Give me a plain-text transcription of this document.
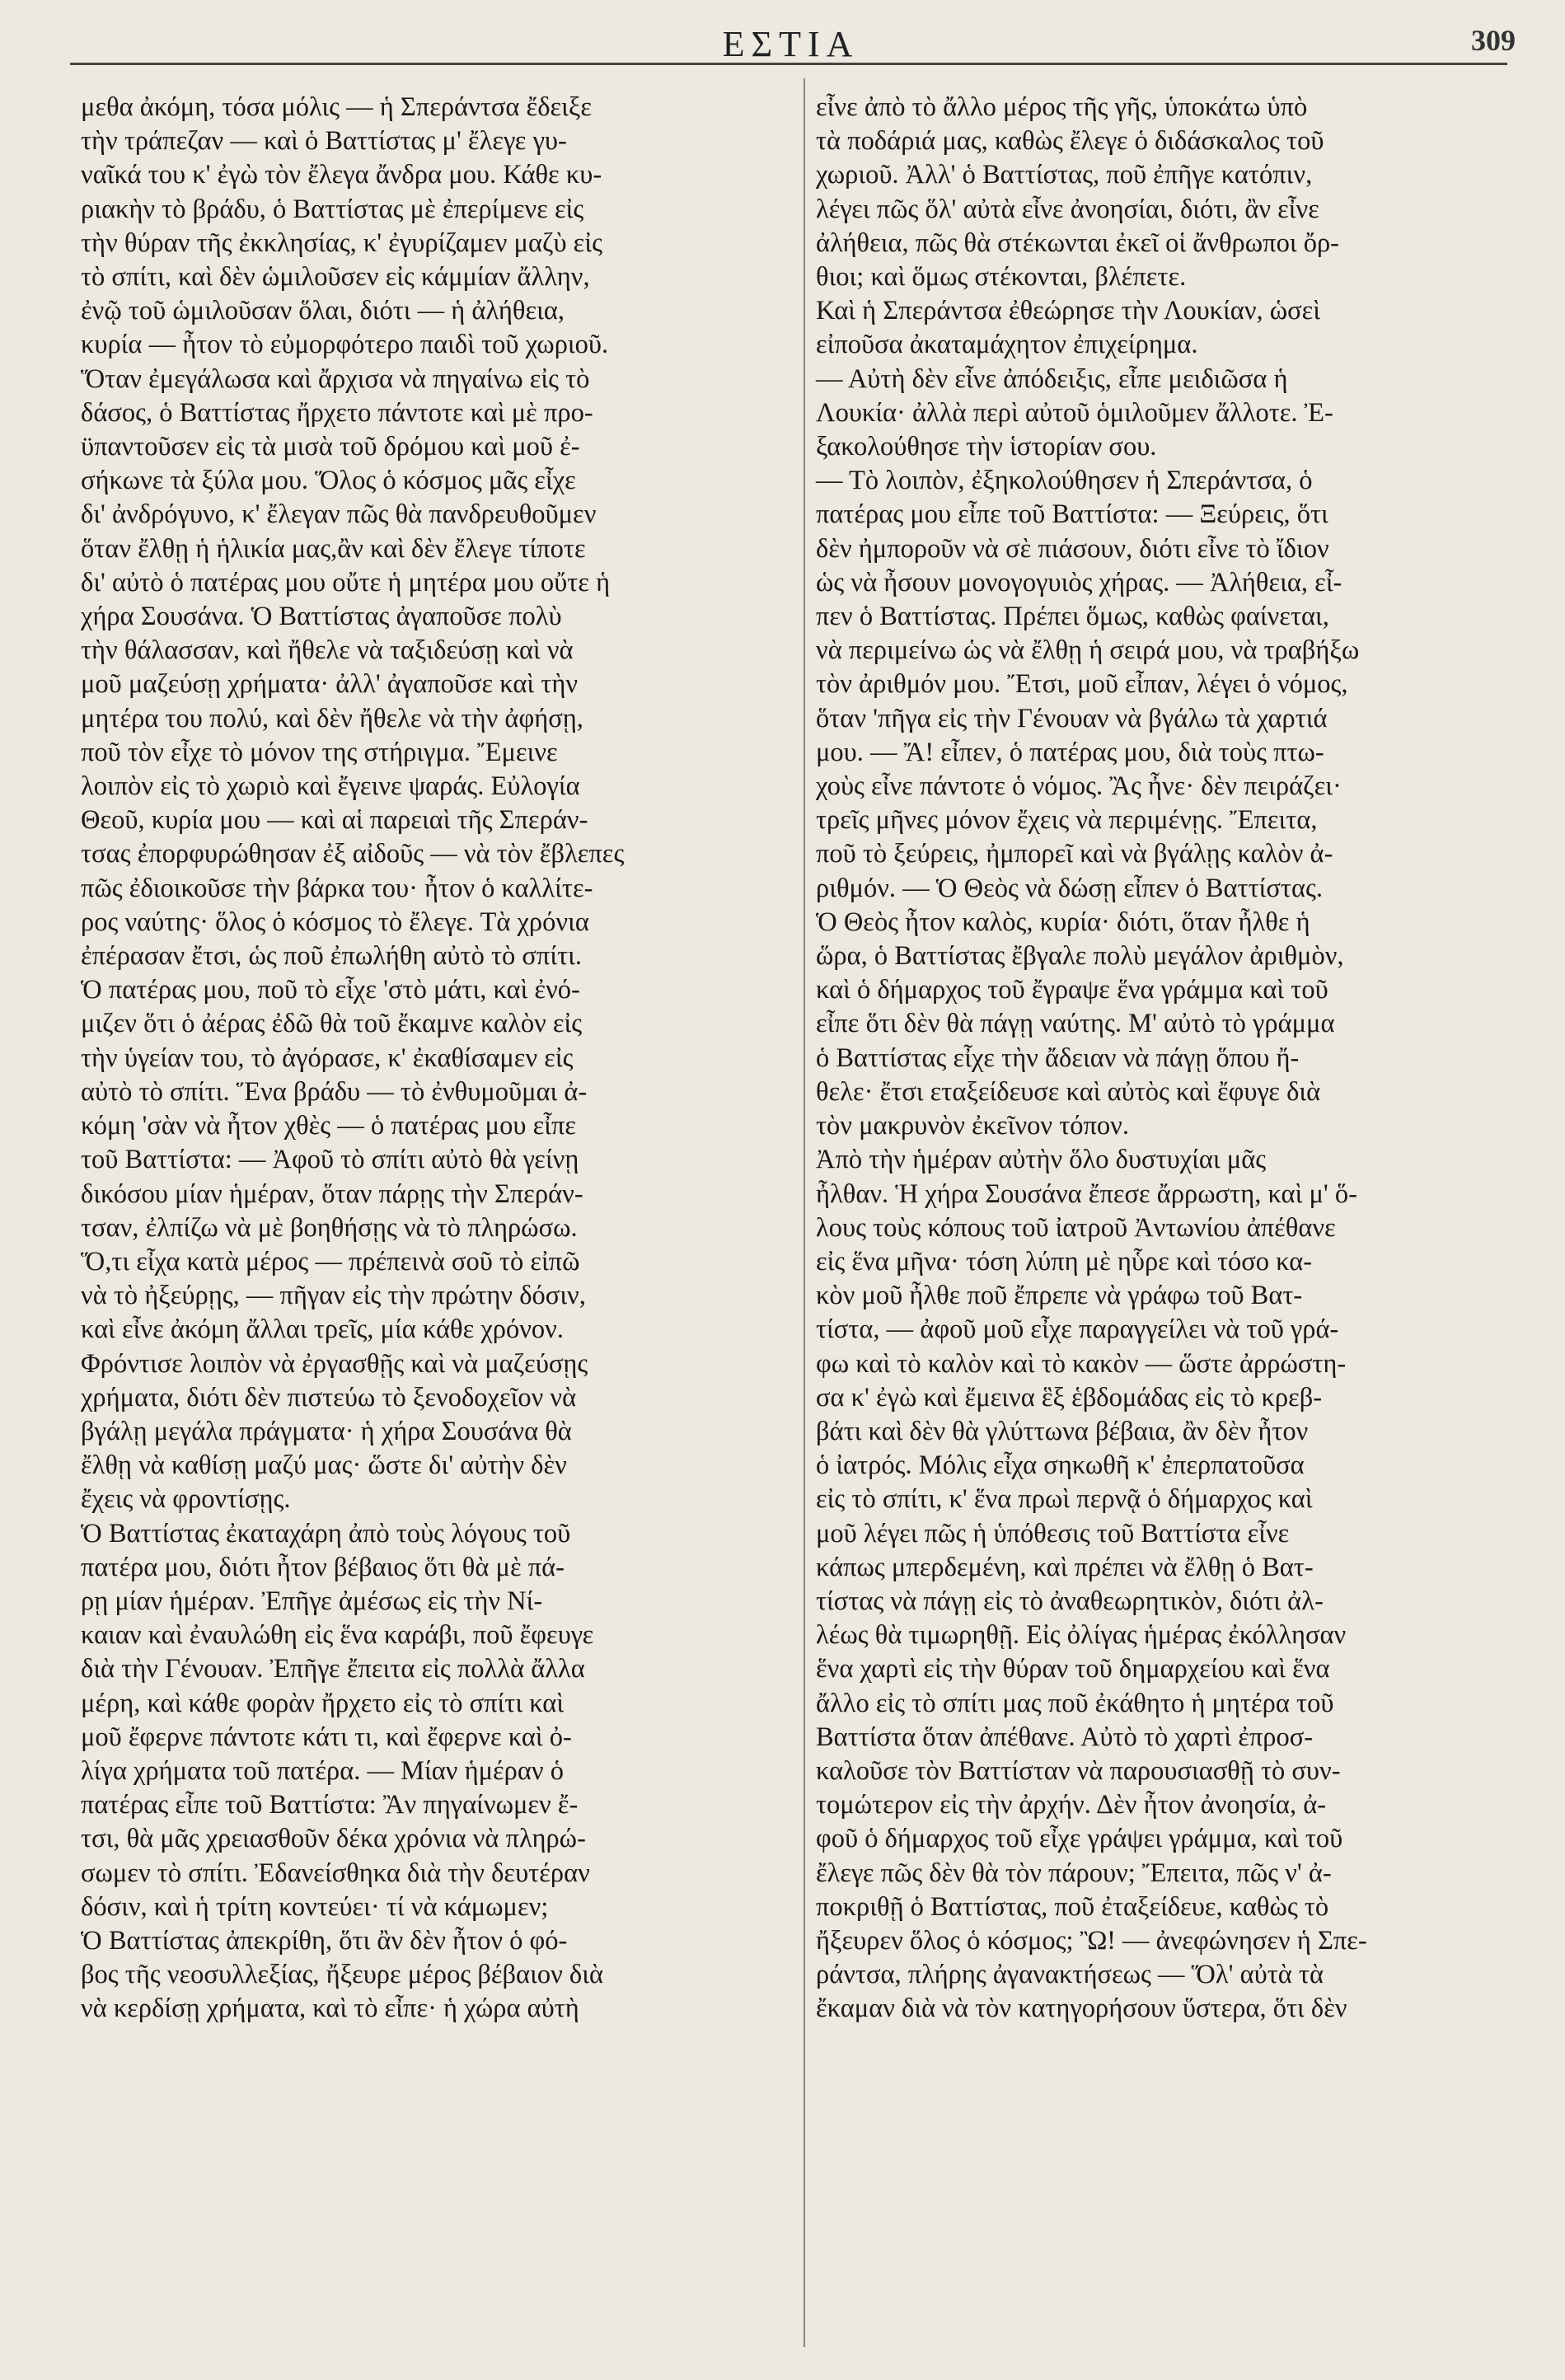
ΕΣΤΙΑ	309
μεθα ἀκόμη, τόσα μόλις — ἡ Σπεράντσα ἔδειξε
τὴν τράπεζαν — καὶ ὁ Βαττίστας μ' ἔλεγε γυ-
ναῖκά του κ' ἐγὼ τὸν ἔλεγα ἄνδρα μου. Κάθε κυ-
ριακὴν τὸ βράδυ, ὁ Βαττίστας μὲ ἐπερίμενε εἰς
τὴν θύραν τῆς ἐκκλησίας, κ' ἐγυρίζαμεν μαζὺ εἰς
τὸ σπίτι, καὶ δὲν ὡμιλοῦσεν εἰς κάμμίαν ἄλλην,
ἐνῷ τοῦ ὡμιλοῦσαν ὅλαι, διότι — ἡ ἀλήθεια,
κυρία — ἦτον τὸ εὐμορφότερο παιδὶ τοῦ χωριοῦ.
Ὅταν ἐμεγάλωσα καὶ ἄρχισα νὰ πηγαίνω εἰς τὸ
δάσος, ὁ Βαττίστας ἤρχετο πάντοτε καὶ μὲ προ-
ϋπαντοῦσεν εἰς τὰ μισὰ τοῦ δρόμου καὶ μοῦ ἐ-
σήκωνε τὰ ξύλα μου. Ὅλος ὁ κόσμος μᾶς εἶχε
δι' ἀνδρόγυνο, κ' ἔλεγαν πῶς θὰ πανδρευθοῦμεν
ὅταν ἔλθῃ ἡ ἡλικία μας,ἂν καὶ δὲν ἔλεγε τίποτε
δι' αὐτὸ ὁ πατέρας μου οὔτε ἡ μητέρα μου οὔτε ἡ
χήρα Σουσάνα. Ὁ Βαττίστας ἀγαποῦσε πολὺ
τὴν θάλασσαν, καὶ ἤθελε νὰ ταξιδεύσῃ καὶ νὰ
μοῦ μαζεύσῃ χρήματα· ἀλλ' ἀγαποῦσε καὶ τὴν
μητέρα του πολύ, καὶ δὲν ἤθελε νὰ τὴν ἀφήσῃ,
ποῦ τὸν εἶχε τὸ μόνον της στήριγμα. Ἔμεινε
λοιπὸν εἰς τὸ χωριὸ καὶ ἔγεινε ψαράς. Εὐλογία
Θεοῦ, κυρία μου — καὶ αἱ παρειαὶ τῆς Σπεράν-
τσας ἐπορφυρώθησαν ἐξ αἰδοῦς — νὰ τὸν ἔβλεπες
πῶς ἐδιοικοῦσε τὴν βάρκα του· ἦτον ὁ καλλίτε-
ρος ναύτης· ὅλος ὁ κόσμος τὸ ἔλεγε. Τὰ χρόνια
ἐπέρασαν ἔτσι, ὡς ποῦ ἐπωλήθη αὐτὸ τὸ σπίτι.
Ὁ πατέρας μου, ποῦ τὸ εἶχε 'στὸ μάτι, καὶ ἐνό-
μιζεν ὅτι ὁ ἀέρας ἐδῶ θὰ τοῦ ἔκαμνε καλὸν εἰς
τὴν ὑγείαν του, τὸ ἀγόρασε, κ' ἐκαθίσαμεν εἰς
αὐτὸ τὸ σπίτι. Ἕνα βράδυ — τὸ ἐνθυμοῦμαι ἀ-
κόμη 'σὰν νὰ ἦτον χθὲς — ὁ πατέρας μου εἶπε
τοῦ Βαττίστα: — Ἀφοῦ τὸ σπίτι αὐτὸ θὰ γείνῃ
δικόσου μίαν ἡμέραν, ὅταν πάρῃς τὴν Σπεράν-
τσαν, ἐλπίζω νὰ μὲ βοηθήσῃς νὰ τὸ πληρώσω.
Ὅ,τι εἶχα κατὰ μέρος — πρέπεινὰ σοῦ τὸ εἰπῶ
νὰ τὸ ἠξεύρῃς, — πῆγαν εἰς τὴν πρώτην δόσιν,
καὶ εἶνε ἀκόμη ἄλλαι τρεῖς, μία κάθε χρόνον.
Φρόντισε λοιπὸν νὰ ἐργασθῇς καὶ νὰ μαζεύσῃς
χρήματα, διότι δὲν πιστεύω τὸ ξενοδοχεῖον νὰ
βγάλῃ μεγάλα πράγματα· ἡ χήρα Σουσάνα θὰ
ἔλθῃ νὰ καθίσῃ μαζύ μας· ὥστε δι' αὐτὴν δὲν
ἔχεις νὰ φροντίσῃς.
Ὁ Βαττίστας ἐκαταχάρη ἀπὸ τοὺς λόγους τοῦ
πατέρα μου, διότι ἦτον βέβαιος ὅτι θὰ μὲ πά-
ρῃ μίαν ἡμέραν. Ἐπῆγε ἀμέσως εἰς τὴν Νί-
καιαν καὶ ἐναυλώθη εἰς ἕνα καράβι, ποῦ ἔφευγε
διὰ τὴν Γένουαν. Ἐπῆγε ἔπειτα εἰς πολλὰ ἄλλα
μέρη, καὶ κάθε φορὰν ἤρχετο εἰς τὸ σπίτι καὶ
μοῦ ἔφερνε πάντοτε κάτι τι, καὶ ἔφερνε καὶ ὀ-
λίγα χρήματα τοῦ πατέρα. — Μίαν ἡμέραν ὁ
πατέρας εἶπε τοῦ Βαττίστα: Ἂν πηγαίνωμεν ἔ-
τσι, θὰ μᾶς χρειασθοῦν δέκα χρόνια νὰ πληρώ-
σωμεν τὸ σπίτι. Ἐδανείσθηκα διὰ τὴν δευτέραν
δόσιν, καὶ ἡ τρίτη κοντεύει· τί νὰ κάμωμεν;
Ὁ Βαττίστας ἀπεκρίθη, ὅτι ἂν δὲν ἦτον ὁ φό-
βος τῆς νεοσυλλεξίας, ἤξευρε μέρος βέβαιον διὰ
νὰ κερδίσῃ χρήματα, καὶ τὸ εἶπε· ἡ χώρα αὐτὴ
εἶνε ἀπὸ τὸ ἄλλο μέρος τῆς γῆς, ὑποκάτω ὑπὸ
τὰ ποδάριά μας, καθὼς ἔλεγε ὁ διδάσκαλος τοῦ
χωριοῦ. Ἀλλ' ὁ Βαττίστας, ποῦ ἐπῆγε κατόπιν,
λέγει πῶς ὅλ' αὐτὰ εἶνε ἀνοησίαι, διότι, ἂν εἶνε
ἀλήθεια, πῶς θὰ στέκωνται ἐκεῖ οἱ ἄνθρωποι ὄρ-
θιοι; καὶ ὅμως στέκονται, βλέπετε.
Καὶ ἡ Σπεράντσα ἐθεώρησε τὴν Λουκίαν, ὡσεὶ
εἰποῦσα ἀκαταμάχητον ἐπιχείρημα.
— Αὐτὴ δὲν εἶνε ἀπόδειξις, εἶπε μειδιῶσα ἡ
Λουκία· ἀλλὰ περὶ αὐτοῦ ὁμιλοῦμεν ἄλλοτε. Ἐ-
ξακολούθησε τὴν ἱστορίαν σου.
— Τὸ λοιπὸν, ἐξηκολούθησεν ἡ Σπεράντσα, ὁ
πατέρας μου εἶπε τοῦ Βαττίστα: — Ξεύρεις, ὅτι
δὲν ἠμποροῦν νὰ σὲ πιάσουν, διότι εἶνε τὸ ἴδιον
ὡς νὰ ἦσουν μονογογυιὸς χήρας. — Ἀλήθεια, εἶ-
πεν ὁ Βαττίστας. Πρέπει ὅμως, καθὼς φαίνεται,
νὰ περιμείνω ὡς νὰ ἔλθῃ ἡ σειρά μου, νὰ τραβήξω
τὸν ἀριθμόν μου. Ἔτσι, μοῦ εἶπαν, λέγει ὁ νόμος,
ὅταν 'πῆγα εἰς τὴν Γένουαν νὰ βγάλω τὰ χαρτιά
μου. — Ἄ! εἶπεν, ὁ πατέρας μου, διὰ τοὺς πτω-
χοὺς εἶνε πάντοτε ὁ νόμος. Ἂς ἦνε· δὲν πειράζει·
τρεῖς μῆνες μόνον ἔχεις νὰ περιμένῃς. Ἔπειτα,
ποῦ τὸ ξεύρεις, ἠμπορεῖ καὶ νὰ βγάλῃς καλὸν ἀ-
ριθμόν. — Ὁ Θεὸς νὰ δώσῃ εἶπεν ὁ Βαττίστας.
Ὁ Θεὸς ἦτον καλὸς, κυρία· διότι, ὅταν ἦλθε ἡ
ὥρα, ὁ Βαττίστας ἔβγαλε πολὺ μεγάλον ἀριθμὸν,
καὶ ὁ δήμαρχος τοῦ ἔγραψε ἕνα γράμμα καὶ τοῦ
εἶπε ὅτι δὲν θὰ πάγῃ ναύτης. Μ' αὐτὸ τὸ γράμμα
ὁ Βαττίστας εἶχε τὴν ἄδειαν νὰ πάγῃ ὅπου ἤ-
θελε· ἔτσι εταξείδευσε καὶ αὐτὸς καὶ ἔφυγε διὰ
τὸν μακρυνὸν ἐκεῖνον τόπον.
Ἀπὸ τὴν ἡμέραν αὐτὴν ὅλο δυστυχίαι μᾶς
ἦλθαν. Ἡ χήρα Σουσάνα ἔπεσε ἄρρωστη, καὶ μ' ὅ-
λους τοὺς κόπους τοῦ ἰατροῦ Ἀντωνίου ἀπέθανε
εἰς ἕνα μῆνα· τόση λύπη μὲ ηὗρε καὶ τόσο κα-
κὸν μοῦ ἦλθε ποῦ ἔπρεπε νὰ γράφω τοῦ Βατ-
τίστα, — ἀφοῦ μοῦ εἶχε παραγγείλει νὰ τοῦ γρά-
φω καὶ τὸ καλὸν καὶ τὸ κακὸν — ὥστε ἀρρώστη-
σα κ' ἐγὼ καὶ ἔμεινα ἓξ ἑβδομάδας εἰς τὸ κρεβ-
βάτι καὶ δὲν θὰ γλύττωνα βέβαια, ἂν δὲν ἦτον
ὁ ἰατρός. Μόλις εἶχα σηκωθῆ κ' ἐπερπατοῦσα
εἰς τὸ σπίτι, κ' ἕνα πρωὶ περνᾷ ὁ δήμαρχος καὶ
μοῦ λέγει πῶς ἡ ὑπόθεσις τοῦ Βαττίστα εἶνε
κάπως μπερδεμένη, καὶ πρέπει νὰ ἔλθῃ ὁ Βατ-
τίστας νὰ πάγῃ εἰς τὸ ἀναθεωρητικὸν, διότι ἀλ-
λέως θὰ τιμωρηθῇ. Εἰς ὀλίγας ἡμέρας ἐκόλλησαν
ἕνα χαρτὶ εἰς τὴν θύραν τοῦ δημαρχείου καὶ ἕνα
ἄλλο εἰς τὸ σπίτι μας ποῦ ἐκάθητο ἡ μητέρα τοῦ
Βαττίστα ὅταν ἀπέθανε. Αὐτὸ τὸ χαρτὶ ἐπροσ-
καλοῦσε τὸν Βαττίσταν νὰ παρουσιασθῇ τὸ συν-
τομώτερον εἰς τὴν ἀρχήν. Δὲν ἦτον ἀνοησία, ἀ-
φοῦ ὁ δήμαρχος τοῦ εἶχε γράψει γράμμα, καὶ τοῦ
ἔλεγε πῶς δὲν θὰ τὸν πάρουν; Ἔπειτα, πῶς ν' ἀ-
ποκριθῇ ὁ Βαττίστας, ποῦ ἐταξείδευε, καθὼς τὸ
ἤξευρεν ὅλος ὁ κόσμος; Ὢ! — ἀνεφώνησεν ἡ Σπε-
ράντσα, πλήρης ἀγανακτήσεως — Ὅλ' αὐτὰ τὰ
ἔκαμαν διὰ νὰ τὸν κατηγορήσουν ὕστερα, ὅτι δὲν
